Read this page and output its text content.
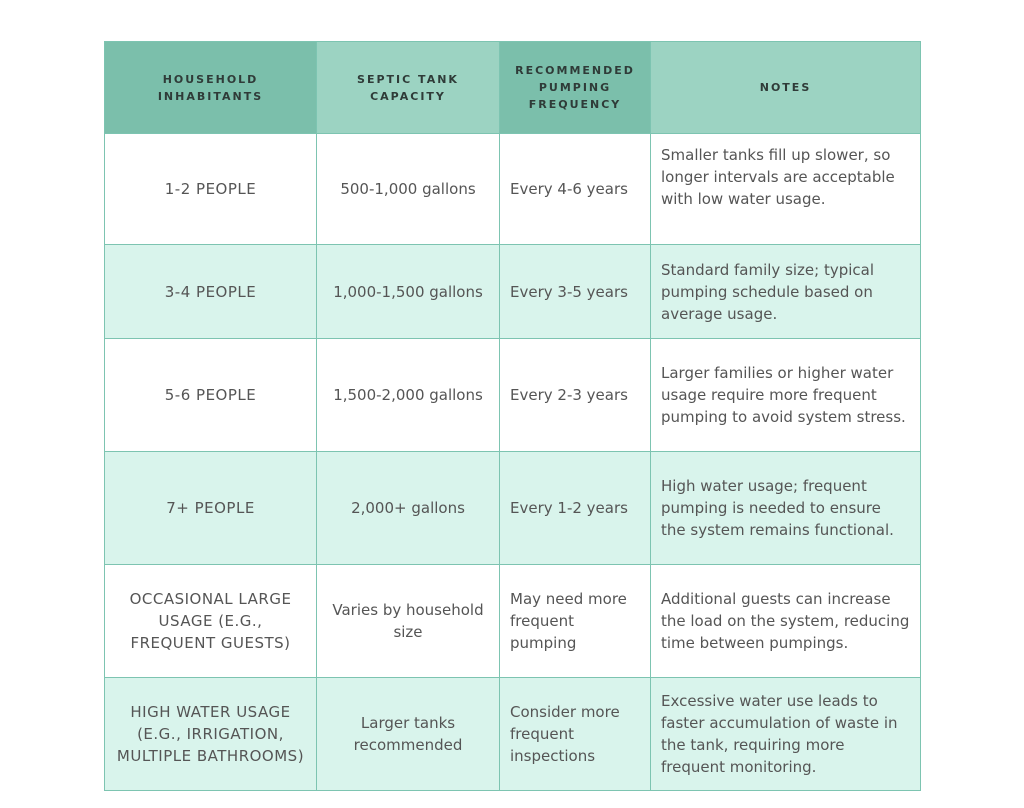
HOUSEHOLD INHABITANTS	SEPTIC TANK CAPACITY	RECOMMENDED PUMPING FREQUENCY	NOTES
1-2 PEOPLE	500-1,000 gallons	Every 4-6 years	Smaller tanks fill up slower, so longer intervals are acceptable with low water usage.
3-4 PEOPLE	1,000-1,500 gallons	Every 3-5 years	Standard family size; typical pumping schedule based on average usage.
5-6 PEOPLE	1,500-2,000 gallons	Every 2-3 years	Larger families or higher water usage require more frequent pumping to avoid system stress.
7+ PEOPLE	2,000+ gallons	Every 1-2 years	High water usage; frequent pumping is needed to ensure the system remains functional.
OCCASIONAL LARGE USAGE (E.G., FREQUENT GUESTS)	Varies by household size	May need more frequent pumping	Additional guests can increase the load on the system, reducing time between pumpings.
HIGH WATER USAGE (E.G., IRRIGATION, MULTIPLE BATHROOMS)	Larger tanks recommended	Consider more frequent inspections	Excessive water use leads to faster accumulation of waste in the tank, requiring more frequent monitoring.
